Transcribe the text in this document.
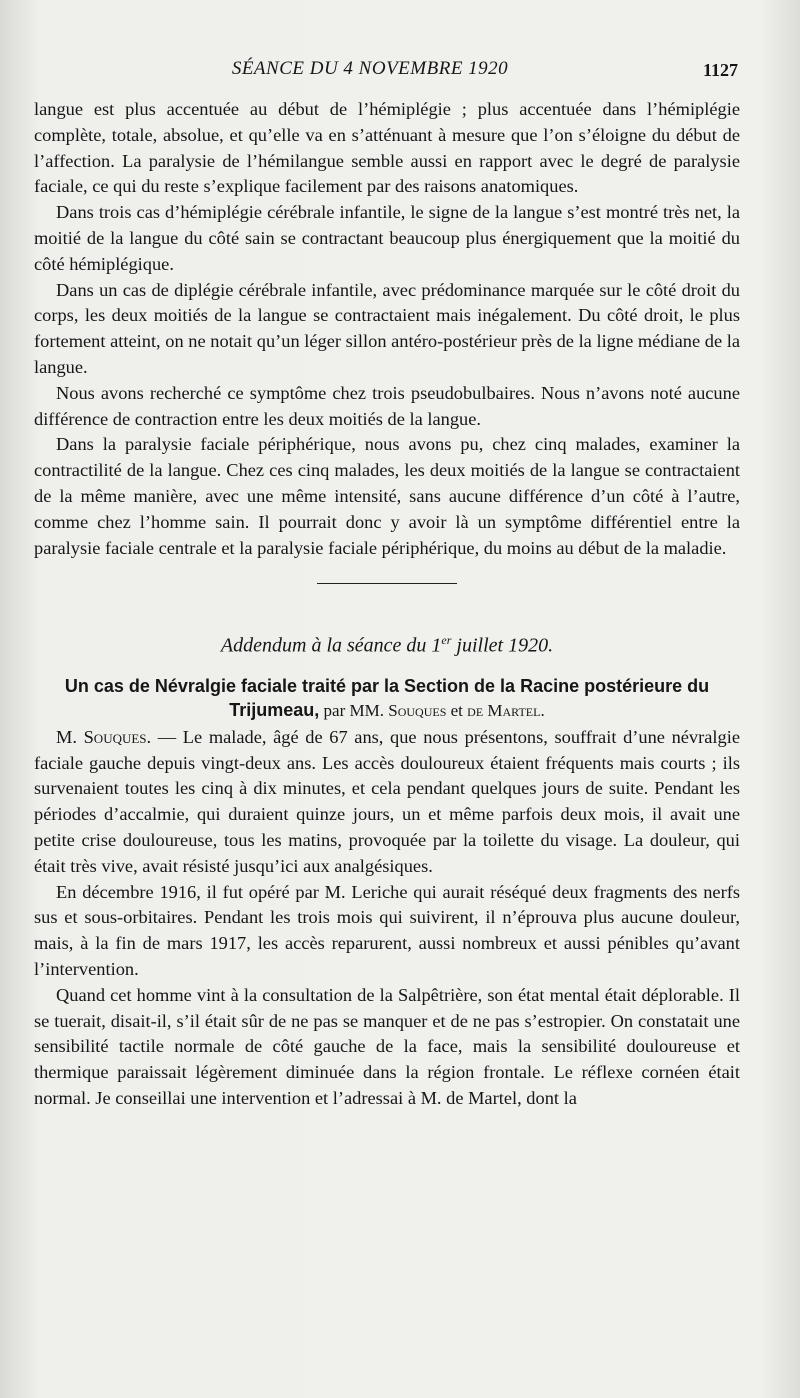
SÉANCE DU 4 NOVEMBRE 1920	1127

langue est plus accentuée au début de l’hémiplégie ; plus accentuée dans l’hémiplégie complète, totale, absolue, et qu’elle va en s’atténuant à mesure que l’on s’éloigne du début de l’affection. La paralysie de l’hémilangue semble aussi en rapport avec le degré de paralysie faciale, ce qui du reste s’explique facilement par des raisons anatomiques.

Dans trois cas d’hémiplégie cérébrale infantile, le signe de la langue s’est montré très net, la moitié de la langue du côté sain se contractant beaucoup plus énergiquement que la moitié du côté hémiplégique.

Dans un cas de diplégie cérébrale infantile, avec prédominance marquée sur le côté droit du corps, les deux moitiés de la langue se contractaient mais inégalement. Du côté droit, le plus fortement atteint, on ne notait qu’un léger sillon antéro-postérieur près de la ligne médiane de la langue.

Nous avons recherché ce symptôme chez trois pseudobulbaires. Nous n’avons noté aucune différence de contraction entre les deux moitiés de la langue.

Dans la paralysie faciale périphérique, nous avons pu, chez cinq malades, examiner la contractilité de la langue. Chez ces cinq malades, les deux moitiés de la langue se contractaient de la même manière, avec une même intensité, sans aucune différence d’un côté à l’autre, comme chez l’homme sain. Il pourrait donc y avoir là un symptôme différentiel entre la paralysie faciale centrale et la paralysie faciale périphérique, du moins au début de la maladie.

Addendum à la séance du 1er juillet 1920.
Un cas de Névralgie faciale traité par la Section de la Racine postérieure du Trijumeau, par MM. Souques et de Martel.

M. Souques. — Le malade, âgé de 67 ans, que nous présentons, souffrait d’une névralgie faciale gauche depuis vingt-deux ans. Les accès douloureux étaient fréquents mais courts ; ils survenaient toutes les cinq à dix minutes, et cela pendant quelques jours de suite. Pendant les périodes d’accalmie, qui duraient quinze jours, un et même parfois deux mois, il avait une petite crise douloureuse, tous les matins, provoquée par la toilette du visage. La douleur, qui était très vive, avait résisté jusqu’ici aux analgésiques.

En décembre 1916, il fut opéré par M. Leriche qui aurait réséqué deux fragments des nerfs sus et sous-orbitaires. Pendant les trois mois qui suivirent, il n’éprouva plus aucune douleur, mais, à la fin de mars 1917, les accès reparurent, aussi nombreux et aussi pénibles qu’avant l’intervention.

Quand cet homme vint à la consultation de la Salpêtrière, son état mental était déplorable. Il se tuerait, disait-il, s’il était sûr de ne pas se manquer et de ne pas s’estropier. On constatait une sensibilité tactile normale de côté gauche de la face, mais la sensibilité douloureuse et thermique paraissait légèrement diminuée dans la région frontale. Le réflexe cornéen était normal. Je conseillai une intervention et l’adressai à M. de Martel, dont la
